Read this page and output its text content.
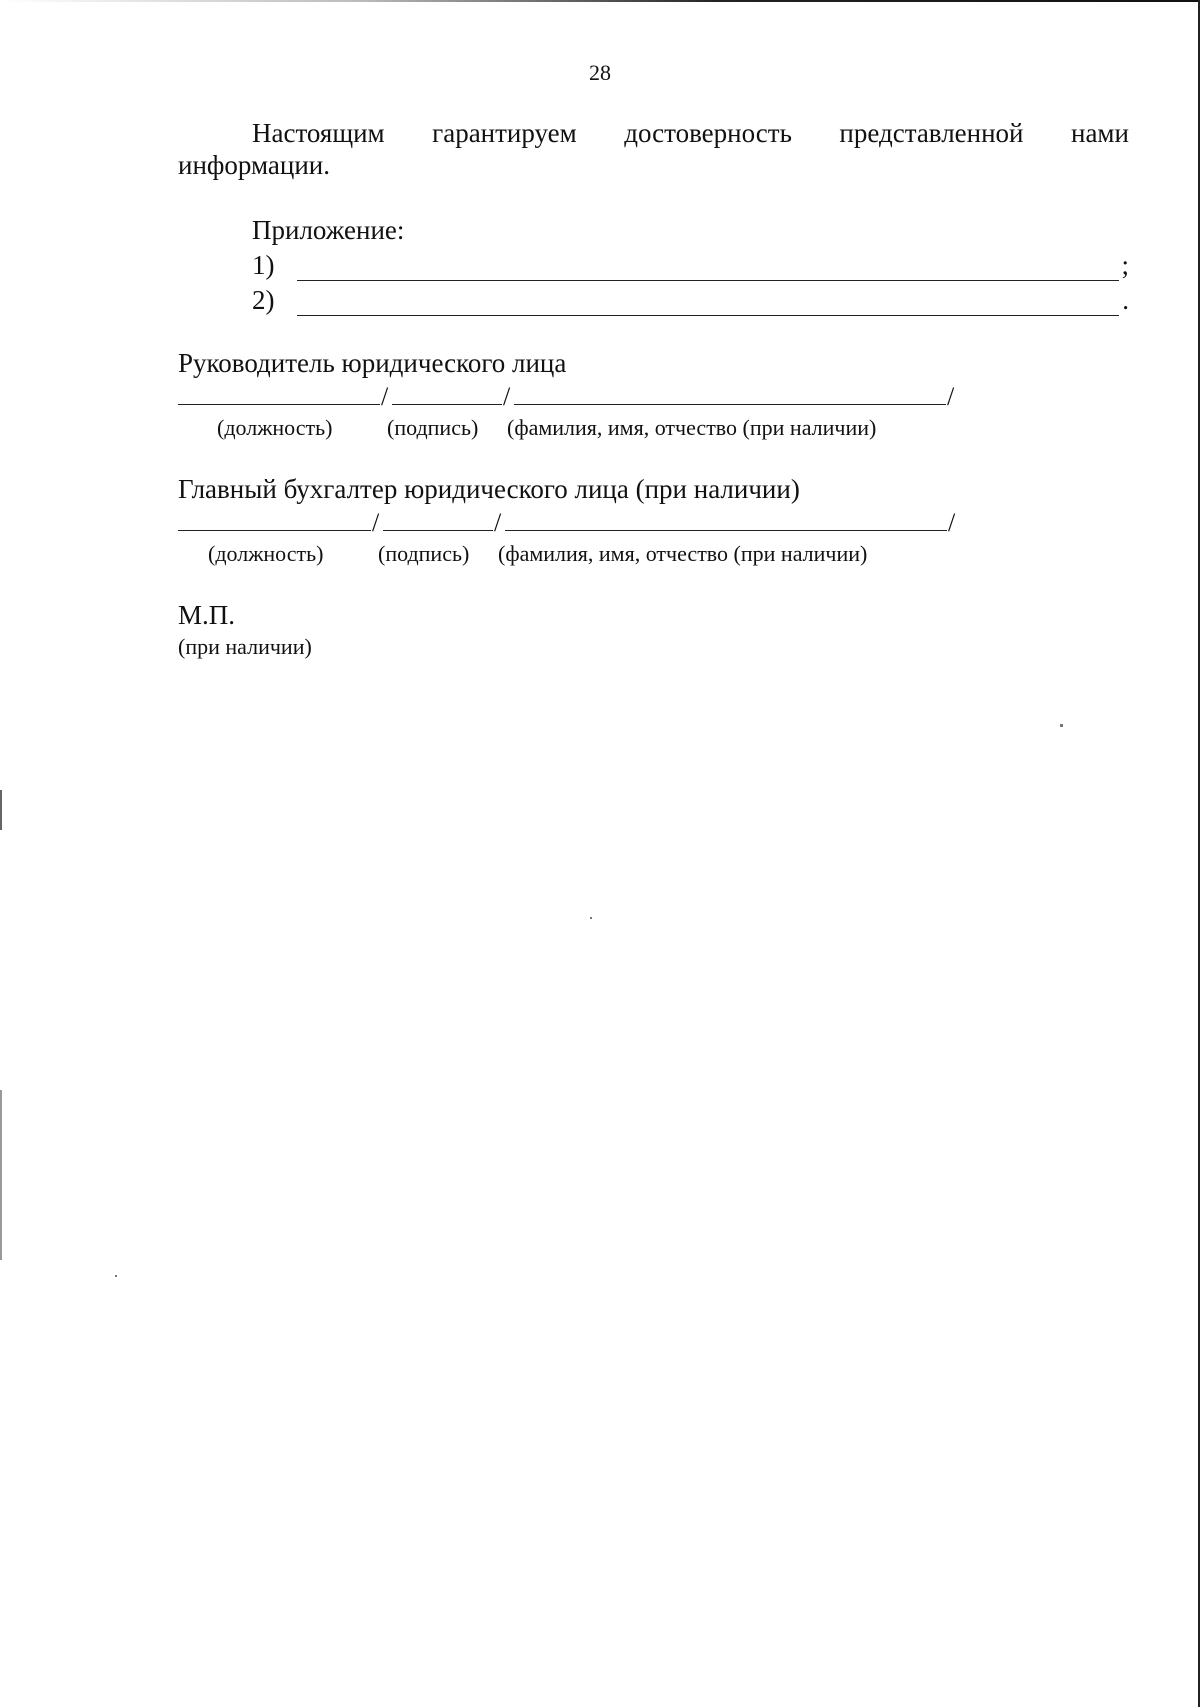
28
Настоящим гарантируем достоверность представленной нами
информации.
Приложение:
1)	;
2)	.
Руководитель юридического лица
/	/	/
(должность) (подпись) (фамилия, имя, отчество (при наличии)
Главный бухгалтер юридического лица (при наличии)
/	/	/
(должность) (подпись) (фамилия, имя, отчество (при наличии)
М.П.
(при наличии)
